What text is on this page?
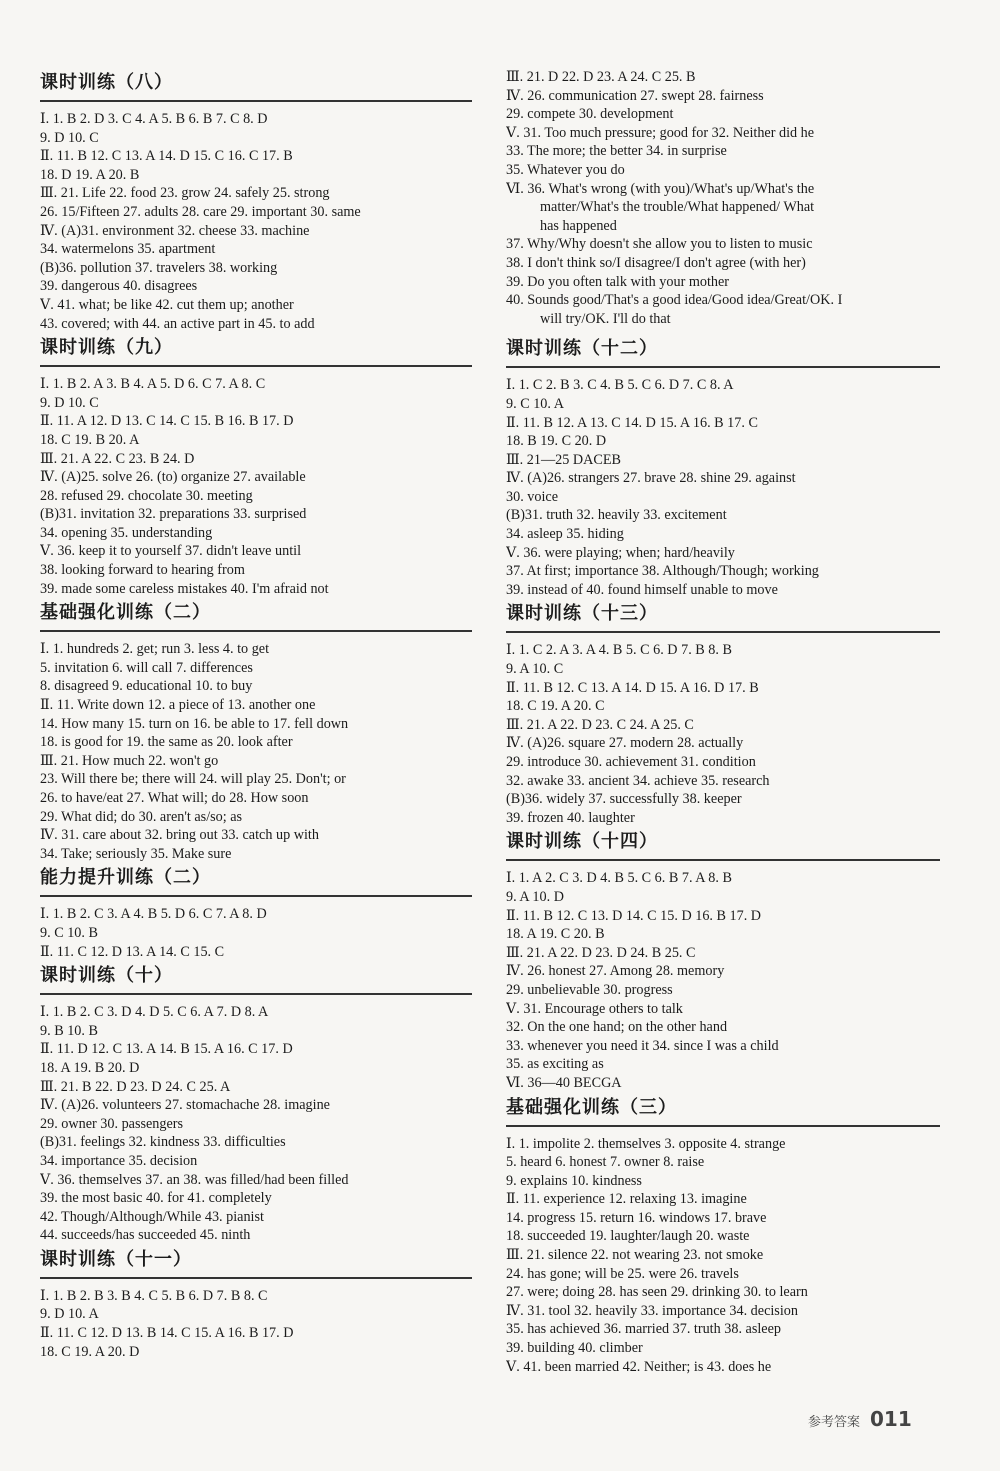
课时训练（八）
Ⅰ. 1. B 2. D 3. C 4. A 5. B 6. B 7. C 8. D
9. D 10. C
Ⅱ. 11. B 12. C 13. A 14. D 15. C 16. C 17. B
18. D 19. A 20. B
Ⅲ. 21. Life 22. food 23. grow 24. safely 25. strong
26. 15/Fifteen 27. adults 28. care 29. important 30. same
Ⅳ. (A)31. environment 32. cheese 33. machine
34. watermelons 35. apartment
(B)36. pollution 37. travelers 38. working
39. dangerous 40. disagrees
Ⅴ. 41. what; be like 42. cut them up; another
43. covered; with 44. an active part in 45. to add
课时训练（九）
Ⅰ. 1. B 2. A 3. B 4. A 5. D 6. C 7. A 8. C
9. D 10. C
Ⅱ. 11. A 12. D 13. C 14. C 15. B 16. B 17. D
18. C 19. B 20. A
Ⅲ. 21. A 22. C 23. B 24. D
Ⅳ. (A)25. solve 26. (to) organize 27. available
28. refused 29. chocolate 30. meeting
(B)31. invitation 32. preparations 33. surprised
34. opening 35. understanding
Ⅴ. 36. keep it to yourself 37. didn't leave until
38. looking forward to hearing from
39. made some careless mistakes 40. I'm afraid not
基础强化训练（二）
Ⅰ. 1. hundreds 2. get; run 3. less 4. to get
5. invitation 6. will call 7. differences
8. disagreed 9. educational 10. to buy
Ⅱ. 11. Write down 12. a piece of 13. another one
14. How many 15. turn on 16. be able to 17. fell down
18. is good for 19. the same as 20. look after
Ⅲ. 21. How much 22. won't go
23. Will there be; there will 24. will play 25. Don't; or
26. to have/eat 27. What will; do 28. How soon
29. What did; do 30. aren't as/so; as
Ⅳ. 31. care about 32. bring out 33. catch up with
34. Take; seriously 35. Make sure
能力提升训练（二）
Ⅰ. 1. B 2. C 3. A 4. B 5. D 6. C 7. A 8. D
9. C 10. B
Ⅱ. 11. C 12. D 13. A 14. C 15. C
课时训练（十）
Ⅰ. 1. B 2. C 3. D 4. D 5. C 6. A 7. D 8. A
9. B 10. B
Ⅱ. 11. D 12. C 13. A 14. B 15. A 16. C 17. D
18. A 19. B 20. D
Ⅲ. 21. B 22. D 23. D 24. C 25. A
Ⅳ. (A)26. volunteers 27. stomachache 28. imagine
29. owner 30. passengers
(B)31. feelings 32. kindness 33. difficulties
34. importance 35. decision
Ⅴ. 36. themselves 37. an 38. was filled/had been filled
39. the most basic 40. for 41. completely
42. Though/Although/While 43. pianist
44. succeeds/has succeeded 45. ninth
课时训练（十一）
Ⅰ. 1. B 2. B 3. B 4. C 5. B 6. D 7. B 8. C
9. D 10. A
Ⅱ. 11. C 12. D 13. B 14. C 15. A 16. B 17. D
18. C 19. A 20. D
Ⅲ. 21. D 22. D 23. A 24. C 25. B
Ⅳ. 26. communication 27. swept 28. fairness
29. compete 30. development
Ⅴ. 31. Too much pressure; good for 32. Neither did he
33. The more; the better 34. in surprise
35. Whatever you do
Ⅵ. 36. What's wrong (with you)/What's up/What's the
matter/What's the trouble/What happened/ What
has happened
37. Why/Why doesn't she allow you to listen to music
38. I don't think so/I disagree/I don't agree (with her)
39. Do you often talk with your mother
40. Sounds good/That's a good idea/Good idea/Great/OK. I
will try/OK. I'll do that
课时训练（十二）
Ⅰ. 1. C 2. B 3. C 4. B 5. C 6. D 7. C 8. A
9. C 10. A
Ⅱ. 11. B 12. A 13. C 14. D 15. A 16. B 17. C
18. B 19. C 20. D
Ⅲ. 21—25 DACEB
Ⅳ. (A)26. strangers 27. brave 28. shine 29. against
30. voice
(B)31. truth 32. heavily 33. excitement
34. asleep 35. hiding
Ⅴ. 36. were playing; when; hard/heavily
37. At first; importance 38. Although/Though; working
39. instead of 40. found himself unable to move
课时训练（十三）
Ⅰ. 1. C 2. A 3. A 4. B 5. C 6. D 7. B 8. B
9. A 10. C
Ⅱ. 11. B 12. C 13. A 14. D 15. A 16. D 17. B
18. C 19. A 20. C
Ⅲ. 21. A 22. D 23. C 24. A 25. C
Ⅳ. (A)26. square 27. modern 28. actually
29. introduce 30. achievement 31. condition
32. awake 33. ancient 34. achieve 35. research
(B)36. widely 37. successfully 38. keeper
39. frozen 40. laughter
课时训练（十四）
Ⅰ. 1. A 2. C 3. D 4. B 5. C 6. B 7. A 8. B
9. A 10. D
Ⅱ. 11. B 12. C 13. D 14. C 15. D 16. B 17. D
18. A 19. C 20. B
Ⅲ. 21. A 22. D 23. D 24. B 25. C
Ⅳ. 26. honest 27. Among 28. memory
29. unbelievable 30. progress
Ⅴ. 31. Encourage others to talk
32. On the one hand; on the other hand
33. whenever you need it 34. since I was a child
35. as exciting as
Ⅵ. 36—40 BECGA
基础强化训练（三）
Ⅰ. 1. impolite 2. themselves 3. opposite 4. strange
5. heard 6. honest 7. owner 8. raise
9. explains 10. kindness
Ⅱ. 11. experience 12. relaxing 13. imagine
14. progress 15. return 16. windows 17. brave
18. succeeded 19. laughter/laugh 20. waste
Ⅲ. 21. silence 22. not wearing 23. not smoke
24. has gone; will be 25. were 26. travels
27. were; doing 28. has seen 29. drinking 30. to learn
Ⅳ. 31. tool 32. heavily 33. importance 34. decision
35. has achieved 36. married 37. truth 38. asleep
39. building 40. climber
Ⅴ. 41. been married 42. Neither; is 43. does he
参考答案 011
